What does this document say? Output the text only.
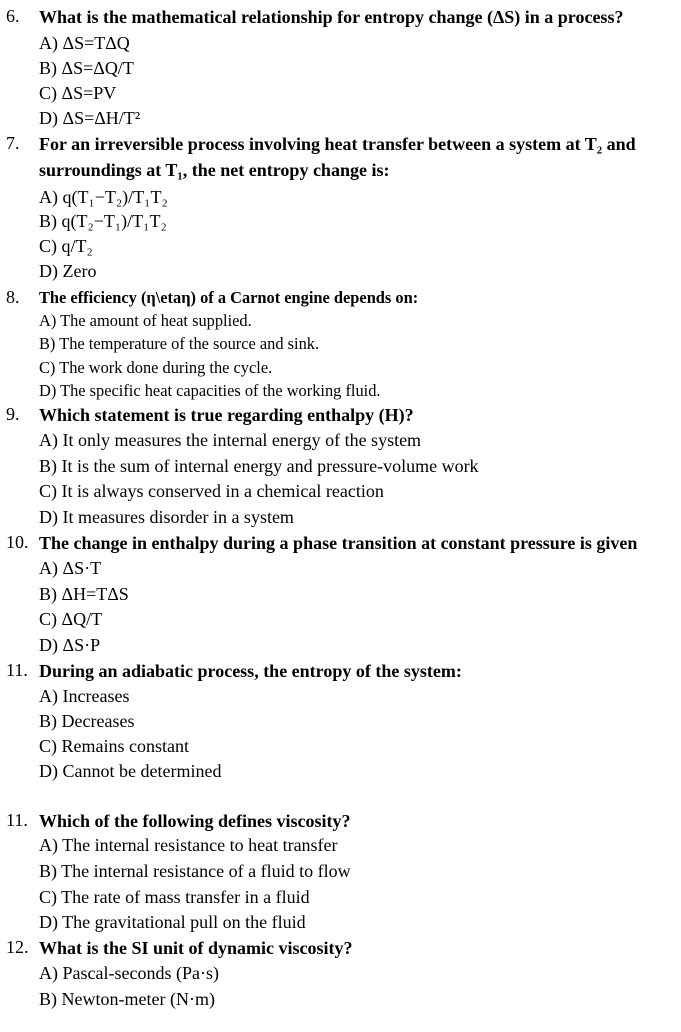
6. What is the mathematical relationship for entropy change (ΔS) in a process?
A) ΔS=TΔQ
B) ΔS=ΔQ/T
C) ΔS=PV
D) ΔS=ΔH/T²
7. For an irreversible process involving heat transfer between a system at T₂ and surroundings at T₁, the net entropy change is:
A) q(T₁−T₂)/T₁T₂
B) q(T₂−T₁)/T₁T₂
C) q/T₂
D) Zero
8. The efficiency (η\etaη) of a Carnot engine depends on:
A) The amount of heat supplied.
B) The temperature of the source and sink.
C) The work done during the cycle.
D) The specific heat capacities of the working fluid.
9. Which statement is true regarding enthalpy (H)?
A) It only measures the internal energy of the system
B) It is the sum of internal energy and pressure-volume work
C) It is always conserved in a chemical reaction
D) It measures disorder in a system
10. The change in enthalpy during a phase transition at constant pressure is given
A) ΔS·T
B) ΔH=TΔS
C) ΔQ/T
D) ΔS·P
11. During an adiabatic process, the entropy of the system:
A) Increases
B) Decreases
C) Remains constant
D) Cannot be determined
11. Which of the following defines viscosity?
A) The internal resistance to heat transfer
B) The internal resistance of a fluid to flow
C) The rate of mass transfer in a fluid
D) The gravitational pull on the fluid
12. What is the SI unit of dynamic viscosity?
A) Pascal-seconds (Pa·s)
B) Newton-meter (N·m)
